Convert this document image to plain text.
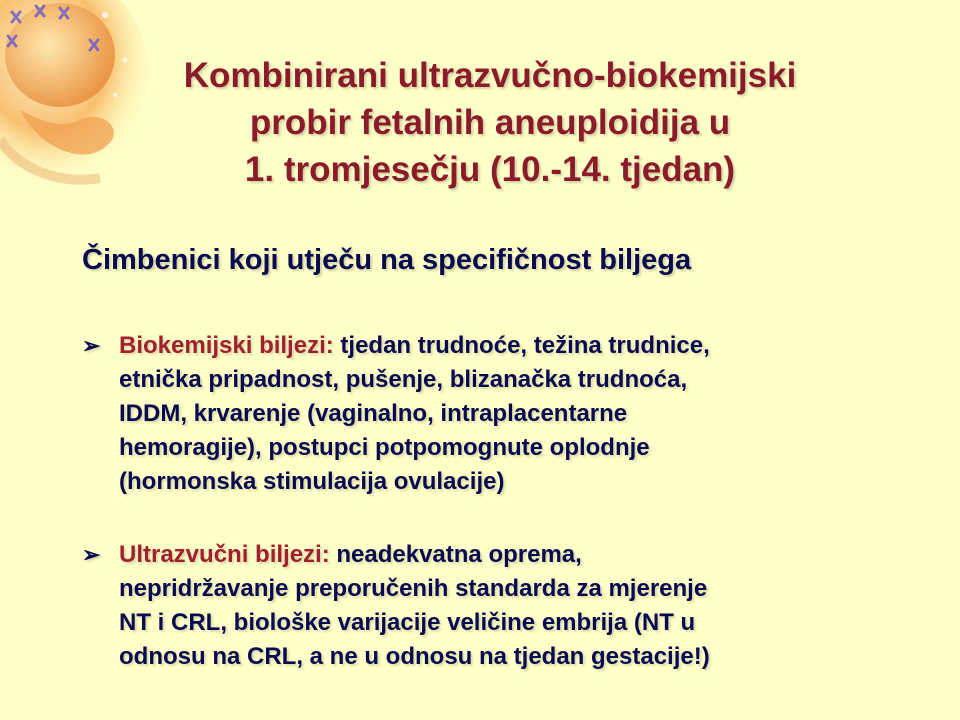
Kombinirani ultrazvučno-biokemijski
probir fetalnih aneuploidija u
1. tromjesečju (10.-14. tjedan)
Čimbenici koji utječu na specifičnost biljega
➢ Biokemijski biljezi: tjedan trudnoće, težina trudnice,
etnička pripadnost, pušenje, blizanačka trudnoća,
IDDM, krvarenje (vaginalno, intraplacentarne
hemoragije), postupci potpomognute oplodnje
(hormonska stimulacija ovulacije)
➢ Ultrazvučni biljezi: neadekvatna oprema,
nepridržavanje preporučenih standarda za mjerenje
NT i CRL, biološke varijacije veličine embrija (NT u
odnosu na CRL, a ne u odnosu na tjedan gestacije!)
